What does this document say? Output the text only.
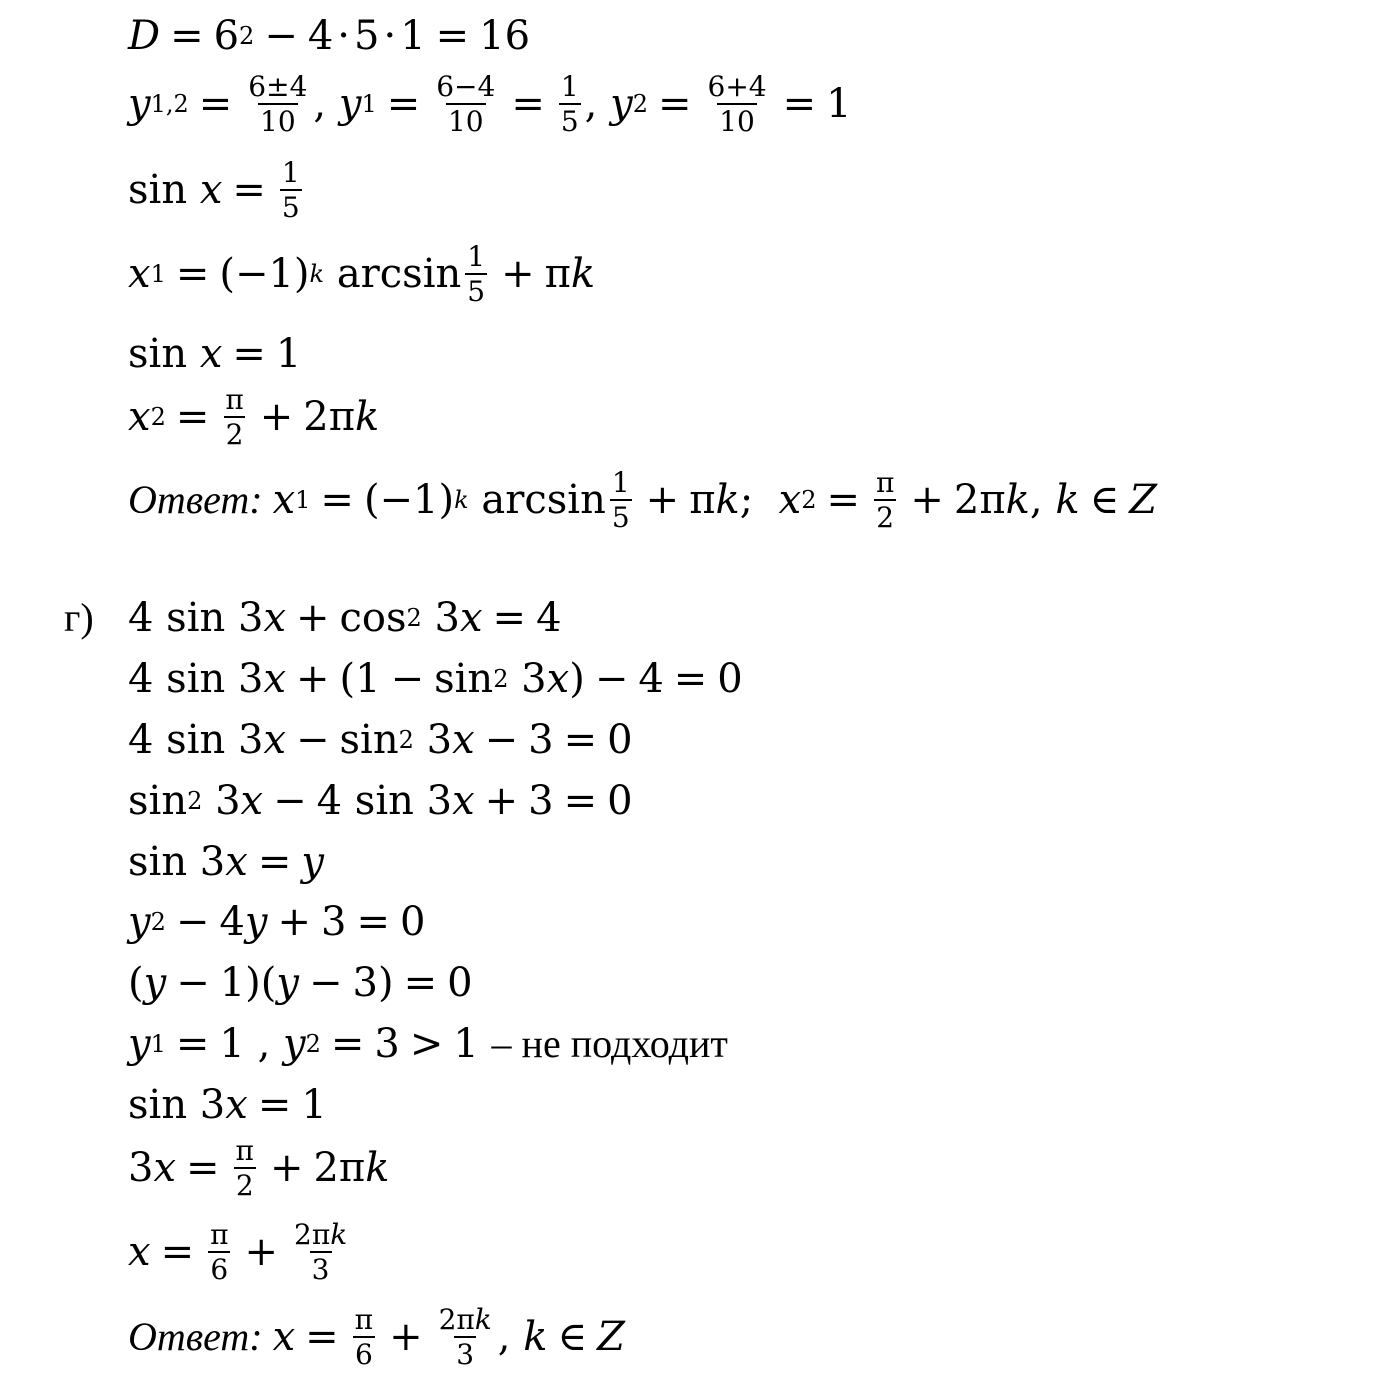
D = 6 2 − 4 · 5 · 1 = 16
y $1,2 = \frac{6\pm 4}{10}$ , y $1 = \frac{6-4}{10} = \frac{1}{5}$ , y $2 = \frac{6+4}{10} = 1$
sin
$x = \frac{1}{5}$
x 1 = (−1) k
$\arcsin \frac{1}{5} + \pi$ k
sin
x = 1
x $2 = \frac{\pi}{2} + 2\pi$ k
Ответ: x 1 = (−1) k
$\arcsin \frac{1}{5} + \pi$ k ; x $2 = \frac{\pi}{2} + 2\pi$ k , k ∈ Z
г) 4 sin 3 x + cos 2 3 x = 4
4 sin 3 x + (1 − sin 2 3 x ) − 4 = 0
4 sin 3 x − sin 2 3 x − 3 = 0
sin 2 3 x − 4 sin 3 x + 3 = 0
sin 3 x = y
y 2 − 4 y + 3 = 0
( y − 1)( y − 3) = 0
y 1 = 1 , y 2 = 3 > 1 – не подходит
sin 3 x = 1
3 $x = \frac{\pi}{2} + 2\pi$ k
$x = \frac{\pi}{6} + \frac{2\pi k}{3}$
Ответ: $x = \frac{\pi}{6} + \frac{2\pi k}{3}$ , k ∈ Z
